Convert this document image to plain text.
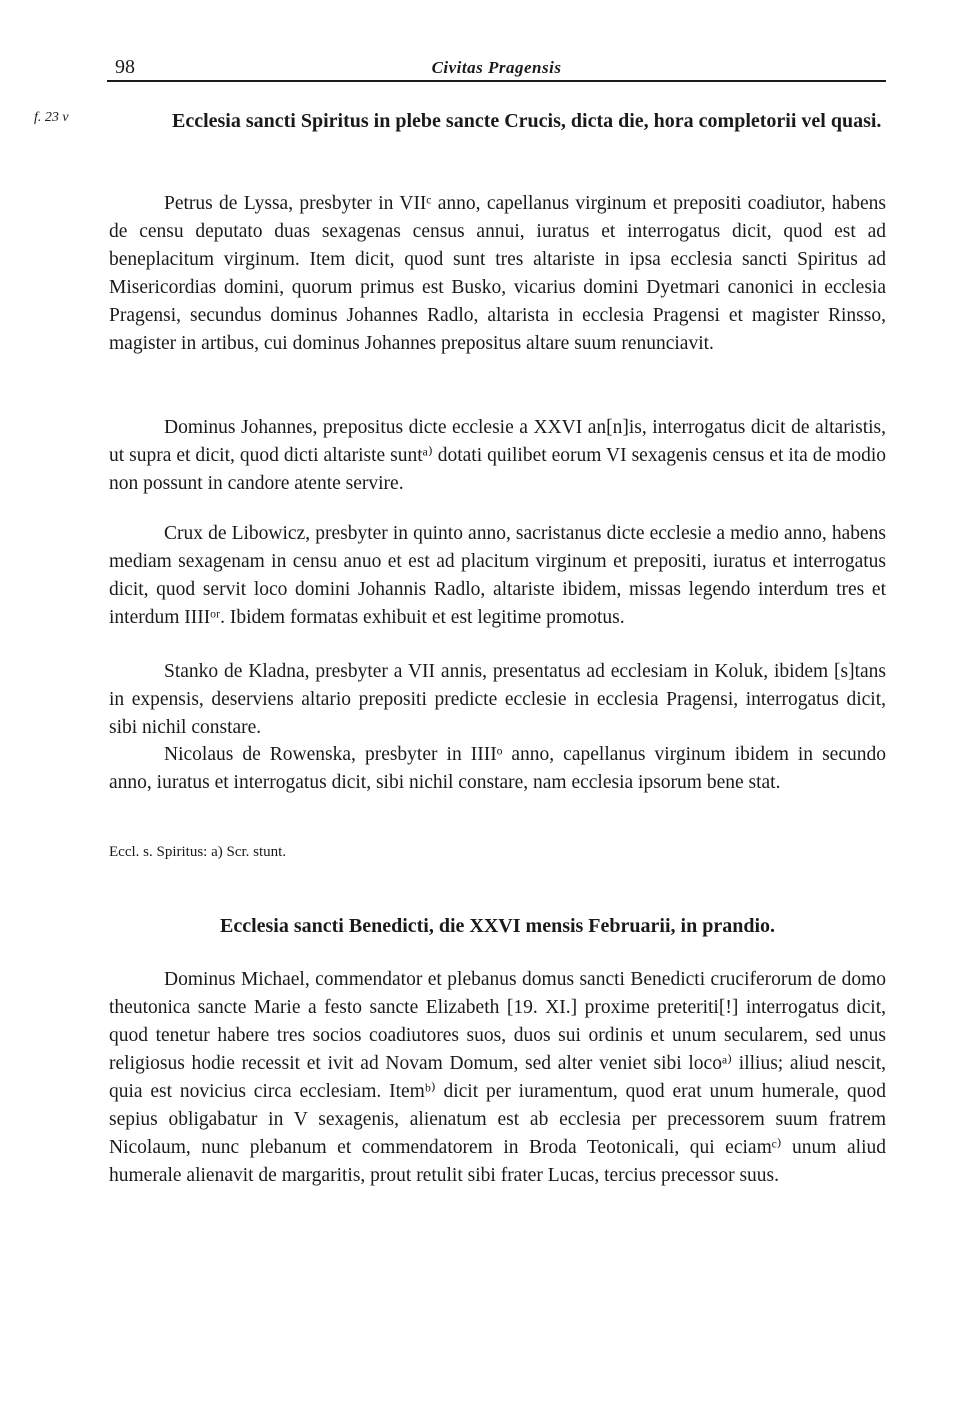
98	Civitas Pragensis
f. 23 v	Ecclesia sancti Spiritus in plebe sancte Crucis, dicta die, hora completorii vel quasi.

Petrus de Lyssa, presbyter in VIIᶜ anno, capellanus virginum et prepositi coadiutor, habens de censu deputato duas sexagenas census annui, iuratus et interrogatus dicit, quod est ad beneplacitum virginum. Item dicit, quod sunt tres altariste in ipsa ecclesia sancti Spiritus ad Misericordias domini, quorum primus est Busko, vicarius domini Dyetmari canonici in ecclesia Pragensi, secundus dominus Johannes Radlo, altarista in ecclesia Pragensi et magister Rinsso, magister in artibus, cui dominus Johannes prepositus altare suum renunciavit.

Dominus Johannes, prepositus dicte ecclesie a XXVI an[n]is, interrogatus dicit de altaristis, ut supra et dicit, quod dicti altariste suntᵃ⁾ dotati quilibet eorum VI sexagenis census et ita de modio non possunt in candore atente servire.

Crux de Libowicz, presbyter in quinto anno, sacristanus dicte ecclesie a medio anno, habens mediam sexagenam in censu anuo et est ad placitum virginum et prepositi, iuratus et interrogatus dicit, quod servit loco domini Johannis Radlo, altariste ibidem, missas legendo interdum tres et interdum IIIIᵒʳ. Ibidem formatas exhibuit et est legitime promotus.

Stanko de Kladna, presbyter a VII annis, presentatus ad ecclesiam in Koluk, ibidem [s]tans in expensis, deserviens altario prepositi predicte ecclesie in ecclesia Pragensi, interrogatus dicit, sibi nichil constare.

Nicolaus de Rowenska, presbyter in IIIIᵒ anno, capellanus virginum ibidem in secundo anno, iuratus et interrogatus dicit, sibi nichil constare, nam ecclesia ipsorum bene stat.

Eccl. s. Spiritus: a) Scr. stunt.
Ecclesia sancti Benedicti, die XXVI mensis Februarii, in prandio.

Dominus Michael, commendator et plebanus domus sancti Benedicti cruciferorum de domo theutonica sancte Marie a festo sancte Elizabeth [19. XI.] proxime preteriti[!] interrogatus dicit, quod tenetur habere tres socios coadiutores suos, duos sui ordinis et unum secularem, sed unus religiosus hodie recessit et ivit ad Novam Domum, sed alter veniet sibi locoᵃ⁾ illius; aliud nescit, quia est novicius circa ecclesiam. Itemᵇ⁾ dicit per iuramentum, quod erat unum humerale, quod sepius obligabatur in V sexagenis, alienatum est ab ecclesia per precessorem suum fratrem Nicolaum, nunc plebanum et commendatorem in Broda Teotonicali, qui eciamᶜ⁾ unum aliud humerale alienavit de margaritis, prout retulit sibi frater Lucas, tercius precessor suus.
